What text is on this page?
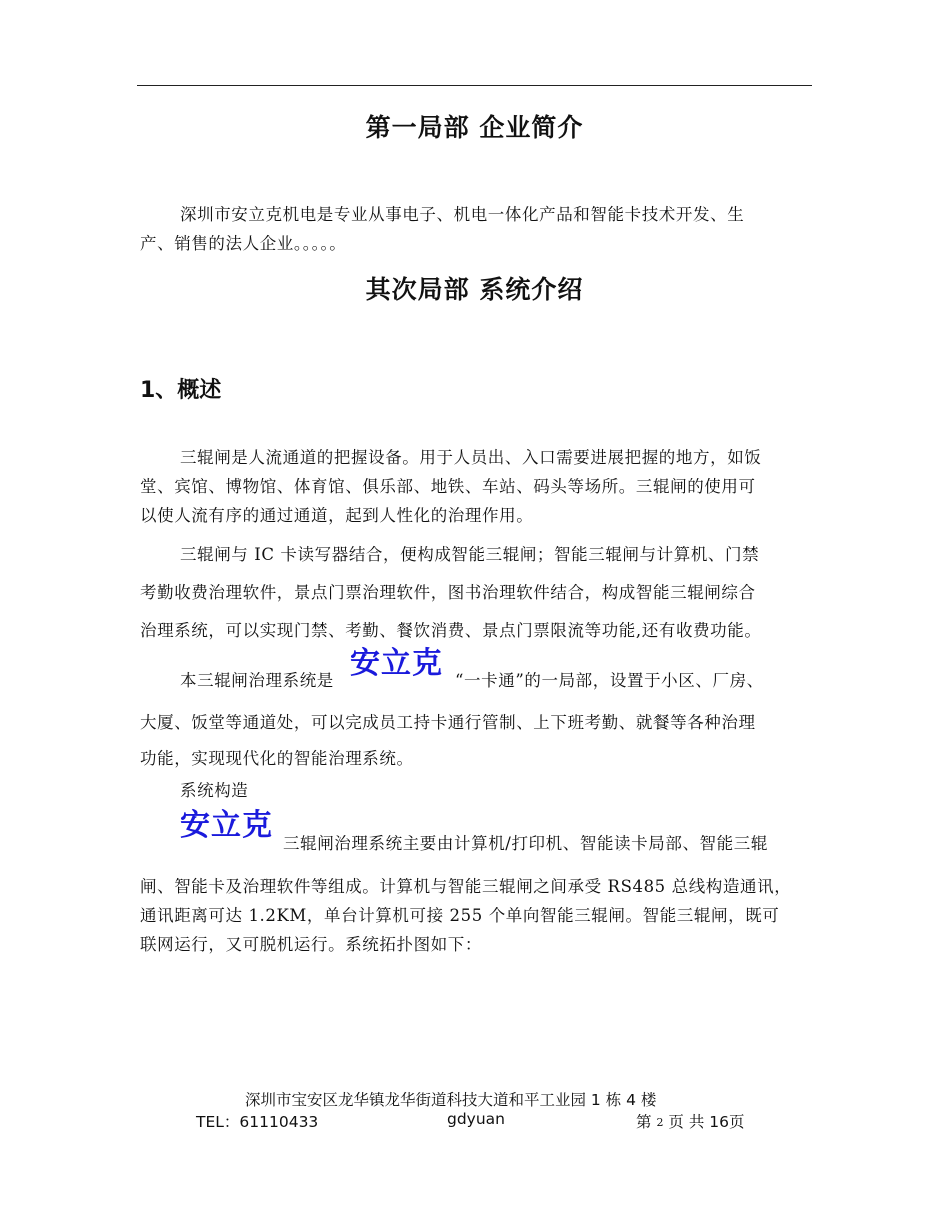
第一局部 企业简介
深圳市安立克机电是专业从事电子、机电一体化产品和智能卡技术开发、生
产、销售的法人企业。。。。。
其次局部 系统介绍
1、概述
三辊闸是人流通道的把握设备。用于人员出、入口需要进展把握的地方，如饭
堂、宾馆、博物馆、体育馆、俱乐部、地铁、车站、码头等场所。三辊闸的使用可
以使人流有序的通过通道，起到人性化的治理作用。
三辊闸与 IC 卡读写器结合，便构成智能三辊闸；智能三辊闸与计算机、门禁
考勤收费治理软件，景点门票治理软件，图书治理软件结合，构成智能三辊闸综合
治理系统，可以实现门禁、考勤、餐饮消费、景点门票限流等功能,还有收费功能。
安立克
本三辊闸治理系统是	“一卡通”的一局部，设置于小区、厂房、
大厦、饭堂等通道处，可以完成员工持卡通行管制、上下班考勤、就餐等各种治理
功能，实现现代化的智能治理系统。
系统构造
安立克
三辊闸治理系统主要由计算机/打印机、智能读卡局部、智能三辊
闸、智能卡及治理软件等组成。计算机与智能三辊闸之间承受 RS485 总线构造通讯，
通讯距离可达 1.2KM，单台计算机可接 255 个单向智能三辊闸。智能三辊闸，既可
联网运行，又可脱机运行。系统拓扑图如下：
深圳市宝安区龙华镇龙华街道科技大道和平工业园 1 栋 4 楼
TEL：61110433	gdyuan	第 2 页 共 16页
